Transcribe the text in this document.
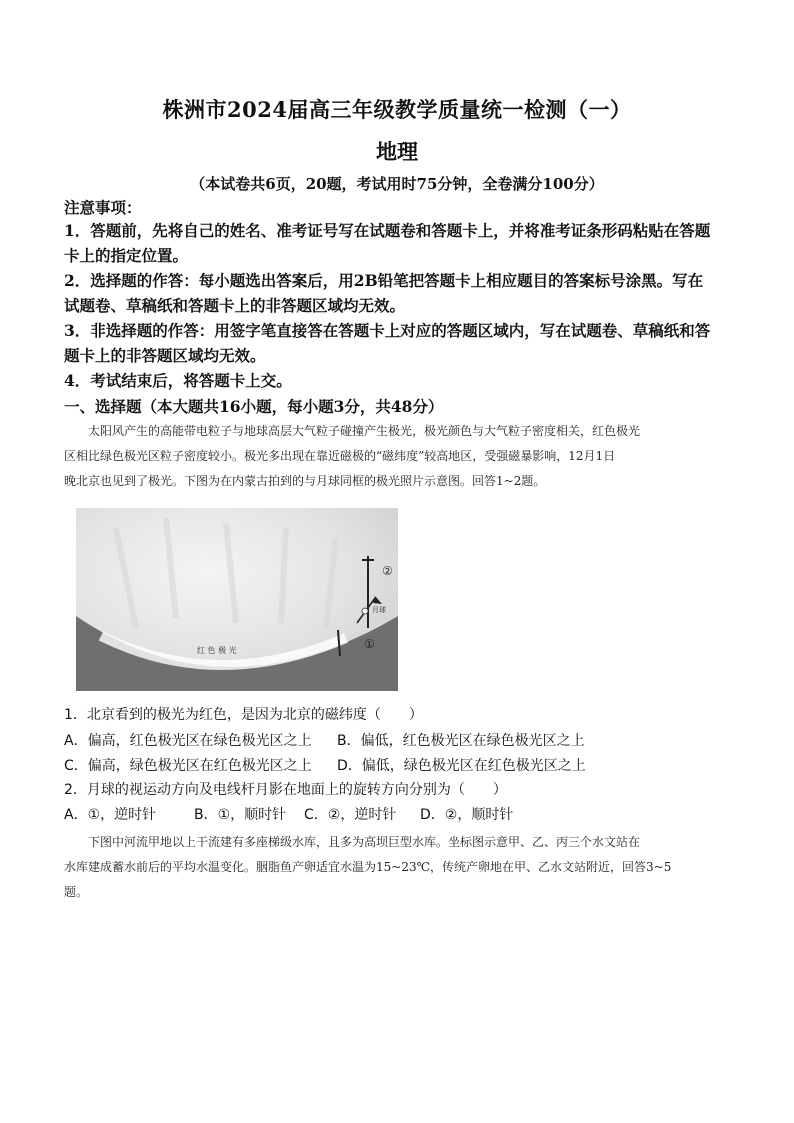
株洲市2024届高三年级教学质量统一检测（一）
地理
（本试卷共6页，20题，考试用时75分钟，全卷满分100分）
注意事项：
1．答题前，先将自己的姓名、准考证号写在试题卷和答题卡上，并将准考证条形码粘贴在答题
卡上的指定位置。
2．选择题的作答：每小题选出答案后，用2B铅笔把答题卡上相应题目的答案标号涂黑。写在
试题卷、草稿纸和答题卡上的非答题区域均无效。
3．非选择题的作答：用签字笔直接答在答题卡上对应的答题区域内，写在试题卷、草稿纸和答
题卡上的非答题区域均无效。
4．考试结束后，将答题卡上交。
一、选择题（本大题共16小题，每小题3分，共48分）
太阳风产生的高能带电粒子与地球高层大气粒子碰撞产生极光，极光颜色与大气粒子密度相关，红色极光
区相比绿色极光区粒子密度较小。极光多出现在靠近磁极的“磁纬度”较高地区，受强磁暴影响，12月1日
晚北京也见到了极光。下图为在内蒙古拍到的与月球同框的极光照片示意图。回答1~2题。
②
月球
①
红 色 极 光
1．北京看到的极光为红色，是因为北京的磁纬度（　　）
A．偏高，红色极光区在绿色极光区之上 B．偏低，红色极光区在绿色极光区之上
C．偏高，绿色极光区在红色极光区之上 D．偏低，绿色极光区在红色极光区之上
2．月球的视运动方向及电线杆月影在地面上的旋转方向分别为（　　）
A．①，逆时针	B．①，顺时针 C．②，逆时针 D．②，顺时针
下图中河流甲地以上干流建有多座梯级水库，且多为高坝巨型水库。坐标图示意甲、乙、丙三个水文站在
水库建成蓄水前后的平均水温变化。胭脂鱼产卵适宜水温为15~23℃，传统产卵地在甲、乙水文站附近，回答3~5
题。
